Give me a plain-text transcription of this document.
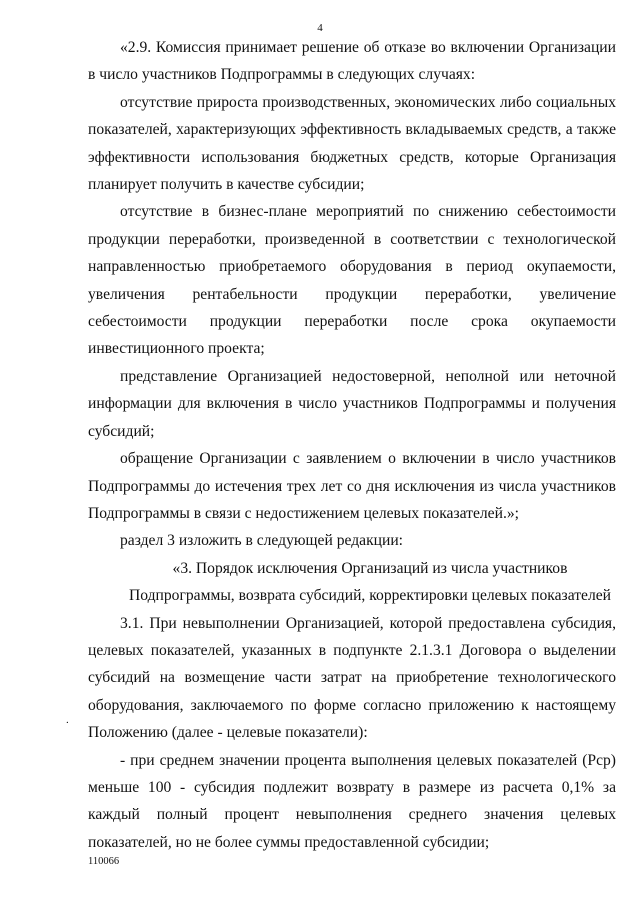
4

«2.9. Комиссия принимает решение об отказе во включении Организации в число участников Подпрограммы в следующих случаях:

отсутствие прироста производственных, экономических либо социальных показателей, характеризующих эффективность вкладываемых средств, а также эффективности использования бюджетных средств, которые Организация планирует получить в качестве субсидии;

отсутствие в бизнес-плане мероприятий по снижению себестоимости продукции переработки, произведенной в соответствии с технологической направленностью приобретаемого оборудования в период окупаемости, увеличения рентабельности продукции переработки, увеличение себестоимости продукции переработки после срока окупаемости инвестиционного проекта;

представление Организацией недостоверной, неполной или неточной информации для включения в число участников Подпрограммы и получения субсидий;

обращение Организации с заявлением о включении в число участников Подпрограммы до истечения трех лет со дня исключения из числа участников Подпрограммы в связи с недостижением целевых показателей.»;

раздел 3 изложить в следующей редакции:

«3. Порядок исключения Организаций из числа участников Подпрограммы, возврата субсидий, корректировки целевых показателей

3.1. При невыполнении Организацией, которой предоставлена субсидия, целевых показателей, указанных в подпункте 2.1.3.1 Договора о выделении субсидий на возмещение части затрат на приобретение технологического оборудования, заключаемого по форме согласно приложению к настоящему Положению (далее - целевые показатели):

- при среднем значении процента выполнения целевых показателей (Рср) меньше 100 - субсидия подлежит возврату в размере из расчета 0,1% за каждый полный процент невыполнения среднего значения целевых показателей, но не более суммы предоставленной субсидии;

.
110066
